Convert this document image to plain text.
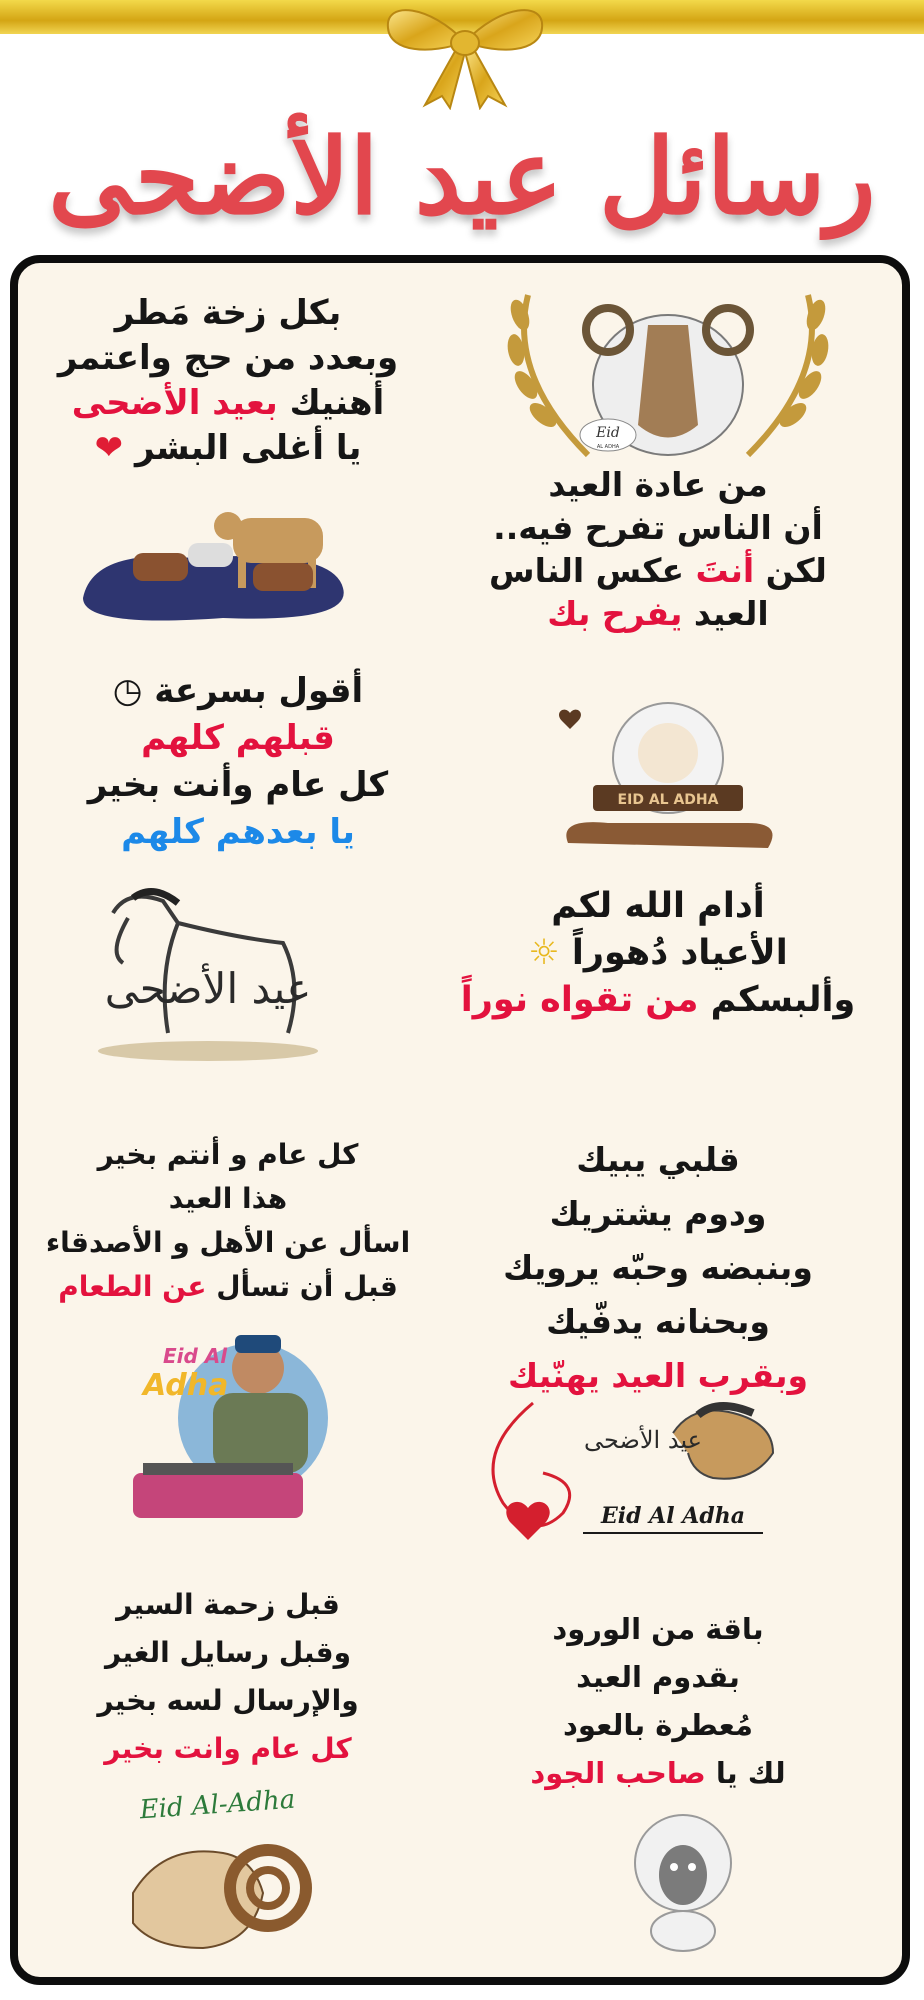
رسائل عيد الأضحى
Eid
AL ADHA
من عادة العيد
أن الناس تفرح فيه..
لكن أنتَ عكس الناس
العيد يفرح بك
بكل زخة مَطر
وبعدد من حج واعتمر
أهنيك بعيد الأضحى
يا أغلى البشر ❤
أقول بسرعة ◷
قبلهم كلهم
كل عام وأنت بخير
يا بعدهم كلهم
عيد الأضحى
EID AL ADHA
أدام الله لكم
الأعياد دُهوراً ☼
وألبسكم من تقواه نوراً
كل عام و أنتم بخير
هذا العيد
اسأل عن الأهل و الأصدقاء
قبل أن تسأل عن الطعام
Eid Al
Adha
قلبي يبيك
ودوم يشتريك
وبنبضه وحبّه يرويك
وبحنانه يدفّيك
وبقرب العيد يهنّيك
عيد الأضحى
Eid Al Adha
قبل زحمة السير
وقبل رسايل الغير
والإرسال لسه بخير
كل عام وانت بخير
Eid Al-Adha
باقة من الورود
بقدوم العيد
مُعطرة بالعود
لك يا صاحب الجود
